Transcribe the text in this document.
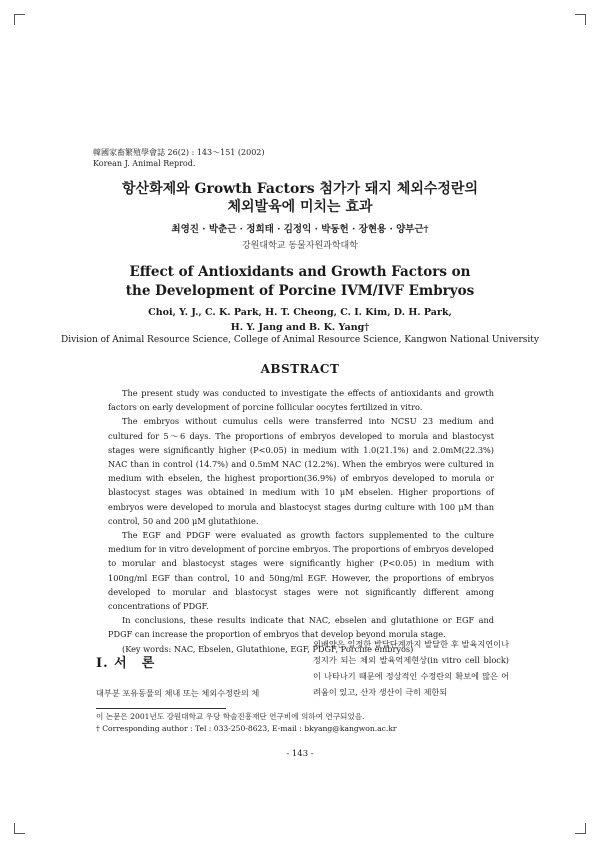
韓國家畜繁殖學會誌 26(2) : 143～151 (2002)
Korean J. Animal Reprod.
항산화제와 Growth Factors 첨가가 돼지 체외수정란의
체외발육에 미치는 효과
최영진 · 박춘근 · 정희태 · 김정익 · 박동헌 · 장현용 · 양부근†
강원대학교 동물자원과학대학
Effect of Antioxidants and Growth Factors on
the Development of Porcine IVM/IVF Embryos
Choi, Y. J., C. K. Park, H. T. Cheong, C. I. Kim, D. H. Park,
H. Y. Jang and B. K. Yang†
Division of Animal Resource Science, College of Animal Resource Science, Kangwon National University
ABSTRACT

The present study was conducted to investigate the effects of antioxidants and growth factors on early development of porcine follicular oocytes fertilized in vitro.

The embryos without cumulus cells were transferred into NCSU 23 medium and cultured for 5～6 days. The proportions of embryos developed to morula and blastocyst stages were significantly higher (P<0.05) in medium with 1.0(21.1%) and 2.0mM(22.3%) NAC than in control (14.7%) and 0.5mM NAC (12.2%). When the embryos were cultured in medium with ebselen, the highest proportion(36.9%) of embryos developed to morula or blastocyst stages was obtained in medium with 10 μM ebselen. Higher proportions of embryos were developed to morula and blastocyst stages during culture with 100 μM than control, 50 and 200 μM glutathione.

The EGF and PDGF were evaluated as growth factors supplemented to the culture medium for in vitro development of porcine embryos. The proportions of embryos developed to morular and blastocyst stages were significantly higher (P<0.05) in medium with 100ng/ml EGF than control, 10 and 50ng/ml EGF. However, the proportions of embryos developed to morular and blastocyst stages were not significantly different among concentrations of PDGF.

In conclusions, these results indicate that NAC, ebselen and glutathione or EGF and PDGF can increase the proportion of embryos that develop beyond morula stage.

(Key words: NAC, Ebselen, Glutathione, EGF, PDGF, Porcine embryos)

Ⅰ. 서　론
대부분 포유동물의 체내 또는 체외수정란의 체
외배양은 일정한 발달단계까지 발달한 후 발육지연이나 정지가 되는 체외 발육억제현상(in vitro cell block)이 나타나기 때문에 정상적인 수정란의 확보에 많은 어려움이 있고, 산자 생산이 극히 제한되
이 논문은 2001년도 강원대학교 우당 학술진흥재단 연구비에 의하여 연구되었음.
† Corresponding author : Tel : 033-250-8623, E-mail : bkyang@kangwon.ac.kr
- 143 -
